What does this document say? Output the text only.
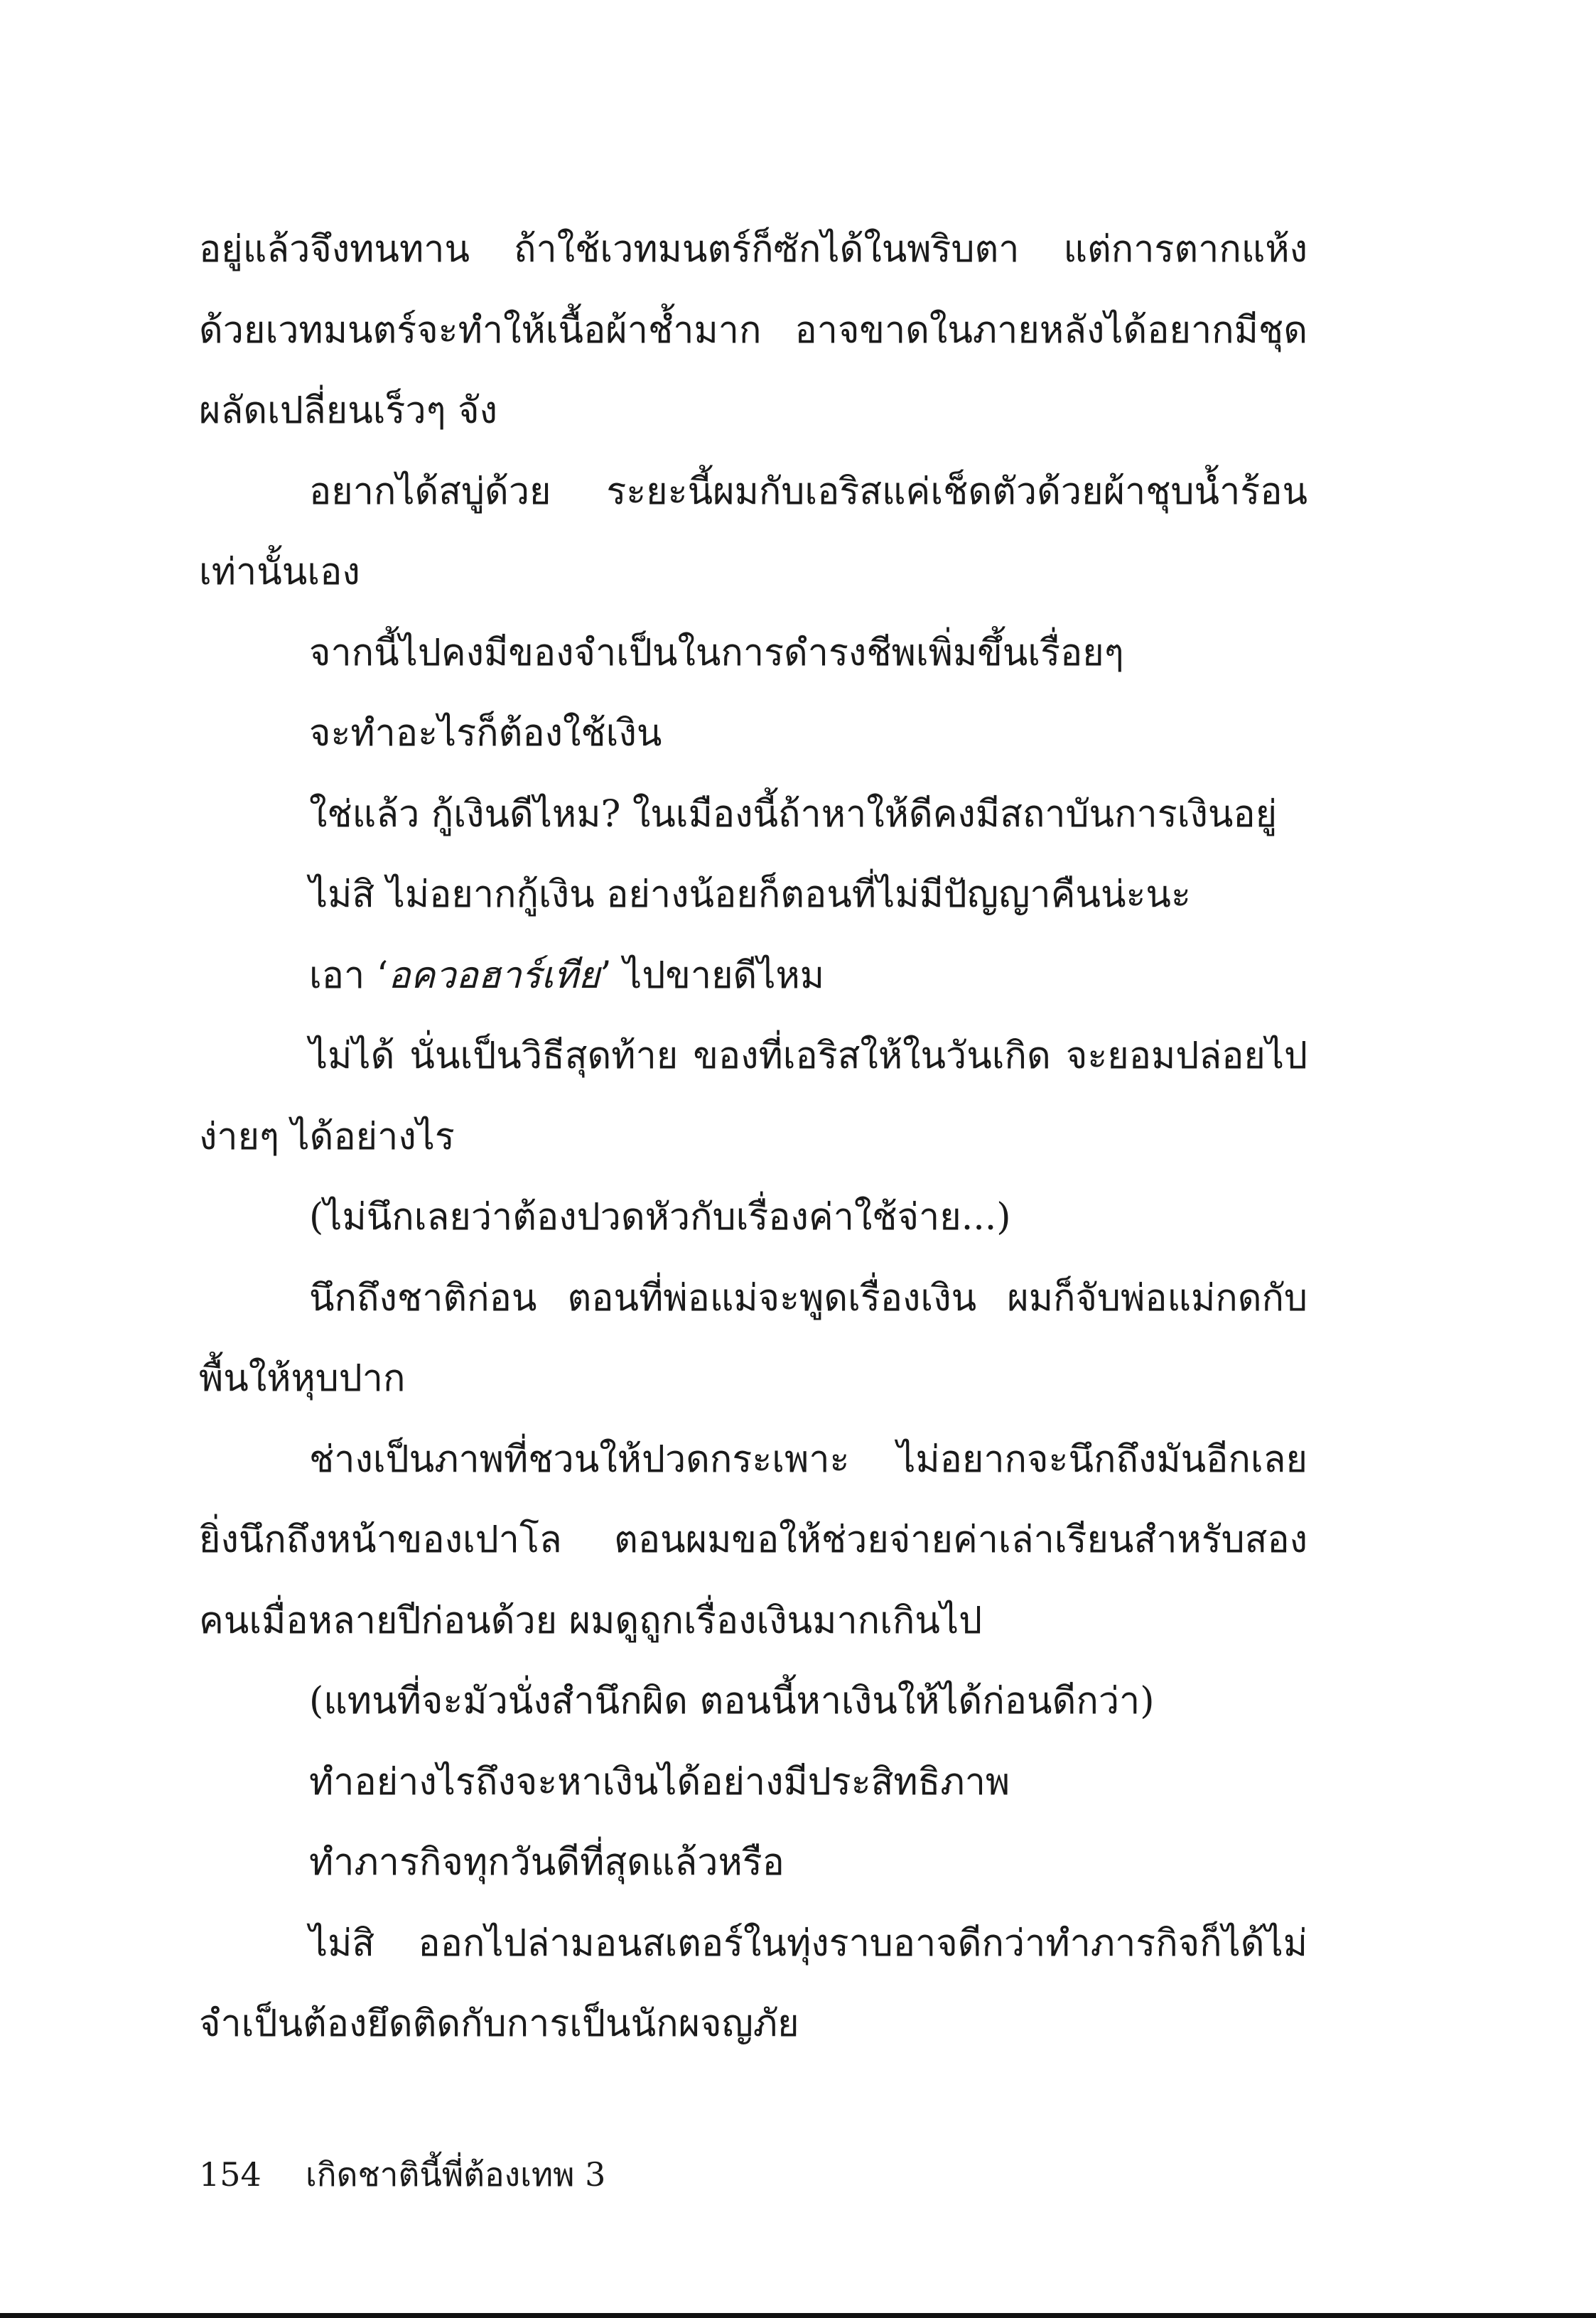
อยู่แล้วจึงทนทาน ถ้าใช้เวทมนตร์ก็ซักได้ในพริบตา แต่การตากแห้งด้วยเวทมนตร์จะทำให้เนื้อผ้าช้ำมาก อาจขาดในภายหลังได้อยากมีชุดผลัดเปลี่ยนเร็วๆ จัง

อยากได้สบู่ด้วย ระยะนี้ผมกับเอริสแค่เช็ดตัวด้วยผ้าชุบน้ำร้อนเท่านั้นเอง

จากนี้ไปคงมีของจำเป็นในการดำรงชีพเพิ่มขึ้นเรื่อยๆ

จะทำอะไรก็ต้องใช้เงิน

ใช่แล้ว กู้เงินดีไหม? ในเมืองนี้ถ้าหาให้ดีคงมีสถาบันการเงินอยู่

ไม่สิ ไม่อยากกู้เงิน อย่างน้อยก็ตอนที่ไม่มีปัญญาคืนน่ะนะ

เอา ‘อควอฮาร์เทีย’ ไปขายดีไหม

ไม่ได้ นั่นเป็นวิธีสุดท้าย ของที่เอริสให้ในวันเกิด จะยอมปล่อยไปง่ายๆ ได้อย่างไร

(ไม่นึกเลยว่าต้องปวดหัวกับเรื่องค่าใช้จ่าย...)

นึกถึงชาติก่อน ตอนที่พ่อแม่จะพูดเรื่องเงิน ผมก็จับพ่อแม่กดกับพื้นให้หุบปาก

ช่างเป็นภาพที่ชวนให้ปวดกระเพาะ ไม่อยากจะนึกถึงมันอีกเลยยิ่งนึกถึงหน้าของเปาโล ตอนผมขอให้ช่วยจ่ายค่าเล่าเรียนสำหรับสองคนเมื่อหลายปีก่อนด้วย ผมดูถูกเรื่องเงินมากเกินไป

(แทนที่จะมัวนั่งสำนึกผิด ตอนนี้หาเงินให้ได้ก่อนดีกว่า)

ทำอย่างไรถึงจะหาเงินได้อย่างมีประสิทธิภาพ

ทำภารกิจทุกวันดีที่สุดแล้วหรือ

ไม่สิ ออกไปล่ามอนสเตอร์ในทุ่งราบอาจดีกว่าทำภารกิจก็ได้ไม่จำเป็นต้องยึดติดกับการเป็นนักผจญภัย

154 เกิดชาตินี้พี่ต้องเทพ 3
